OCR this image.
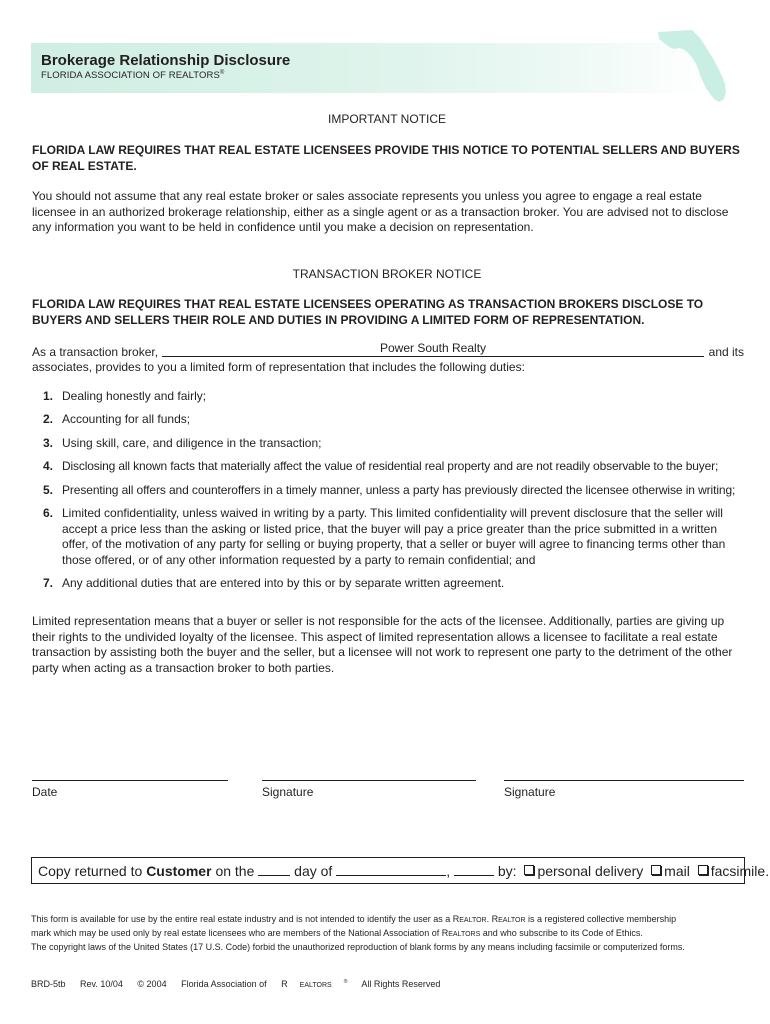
Brokerage Relationship Disclosure
FLORIDA ASSOCIATION OF REALTORS®

IMPORTANT NOTICE

FLORIDA LAW REQUIRES THAT REAL ESTATE LICENSEES PROVIDE THIS NOTICE TO POTENTIAL SELLERS AND BUYERS OF REAL ESTATE.

You should not assume that any real estate broker or sales associate represents you unless you agree to engage a real estate licensee in an authorized brokerage relationship, either as a single agent or as a transaction broker. You are advised not to disclose any information you want to be held in confidence until you make a decision on representation.

TRANSACTION BROKER NOTICE

FLORIDA LAW REQUIRES THAT REAL ESTATE LICENSEES OPERATING AS TRANSACTION BROKERS DISCLOSE TO BUYERS AND SELLERS THEIR ROLE AND DUTIES IN PROVIDING A LIMITED FORM OF REPRESENTATION.

As a transaction broker,	Power South Realty	and its
associates, provides to you a limited form of representation that includes the following duties:
1. Dealing honestly and fairly;
2. Accounting for all funds;
3. Using skill, care, and diligence in the transaction;
4. Disclosing all known facts that materially affect the value of residential real property and are not readily observable to the buyer;
5. Presenting all offers and counteroffers in a timely manner, unless a party has previously directed the licensee otherwise in writing;
6. Limited confidentiality, unless waived in writing by a party. This limited confidentiality will prevent disclosure that the seller will accept a price less than the asking or listed price, that the buyer will pay a price greater than the price submitted in a written offer, of the motivation of any party for selling or buying property, that a seller or buyer will agree to financing terms other than those offered, or of any other information requested by a party to remain confidential; and
7. Any additional duties that are entered into by this or by separate written agreement.

Limited representation means that a buyer or seller is not responsible for the acts of the licensee. Additionally, parties are giving up their rights to the undivided loyalty of the licensee. This aspect of limited representation allows a licensee to facilitate a real estate transaction by assisting both the buyer and the seller, but a licensee will not work to represent one party to the detriment of the other party when acting as a transaction broker to both parties.

Date	Signature	Signature
Copy returned to Customer on the	day of	,	by: personal delivery mail facsimile.

This form is available for use by the entire real estate industry and is not intended to identify the user as a REALTOR. REALTOR is a registered collective membership
mark which may be used only by real estate licensees who are members of the National Association of REALTORS and who subscribe to its Code of Ethics.
The copyright laws of the United States (17 U.S. Code) forbid the unauthorized reproduction of blank forms by any means including facsimile or computerized forms.

BRD-5tb Rev. 10/04 © 2004 Florida Association of R EALTORS ® All Rights Reserved
